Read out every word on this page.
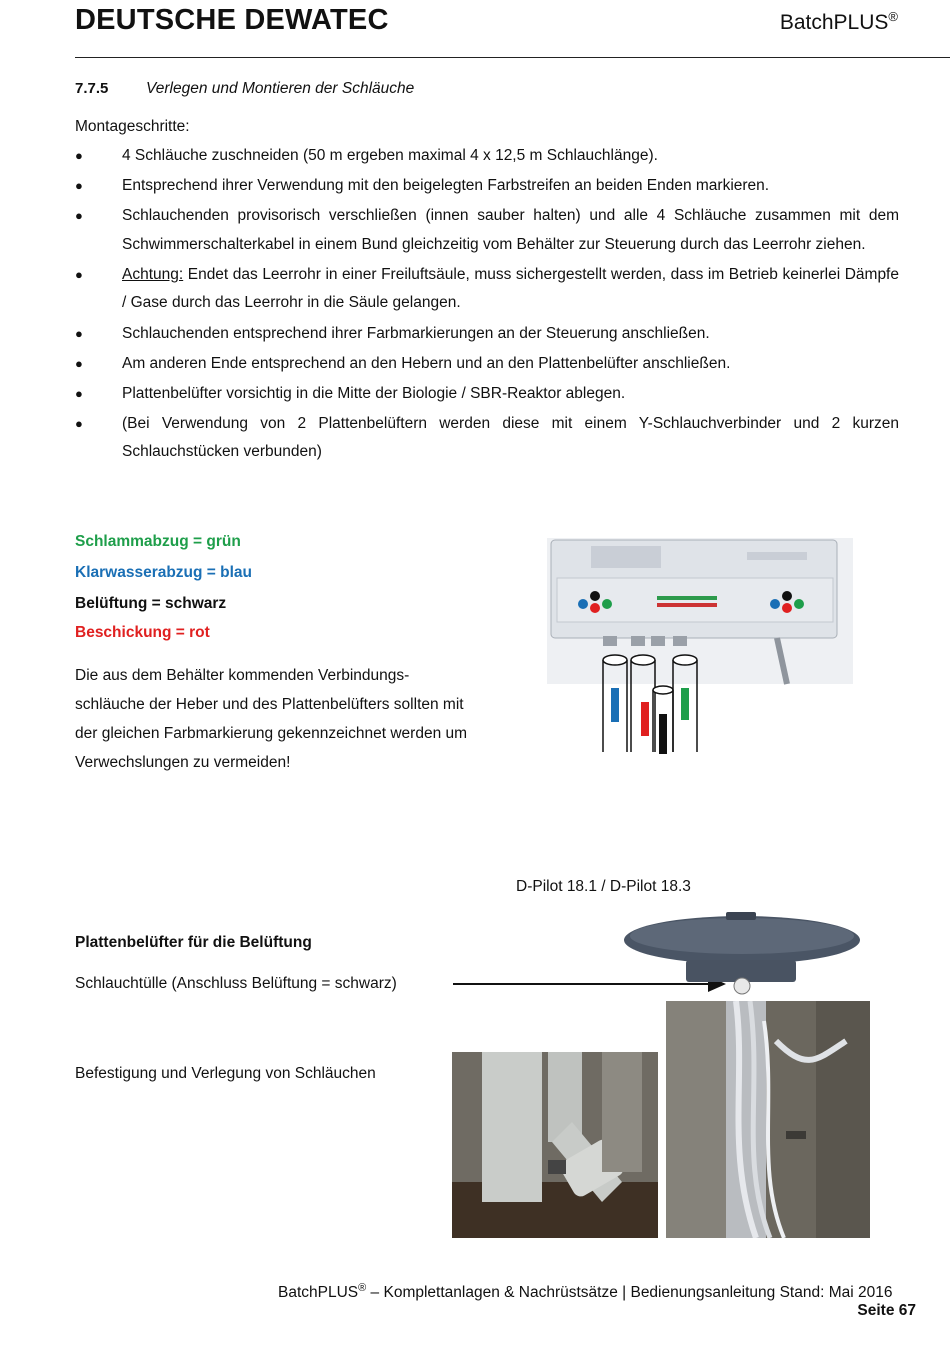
DEUTSCHE DEWATEC	BatchPLUS®
7.7.5 Verlegen und Montieren der Schläuche
Montageschritte:
●	4 Schläuche zuschneiden (50 m ergeben maximal 4 x 12,5 m Schlauchlänge).
●	Entsprechend ihrer Verwendung mit den beigelegten Farbstreifen an beiden Enden markieren.
●	Schlauchenden provisorisch verschließen (innen sauber halten) und alle 4 Schläuche zusammen mit dem Schwimmerschalterkabel in einem Bund gleichzeitig vom Behälter zur Steuerung durch das Leerrohr ziehen.
●	Achtung: Endet das Leerrohr in einer Freiluftsäule, muss sichergestellt werden, dass im Betrieb keinerlei Dämpfe / Gase durch das Leerrohr in die Säule gelangen.
●	Schlauchenden entsprechend ihrer Farbmarkierungen an der Steuerung anschließen.
●	Am anderen Ende entsprechend an den Hebern und an den Plattenbelüfter anschließen.
●	Plattenbelüfter vorsichtig in die Mitte der Biologie / SBR-Reaktor ablegen.
●	(Bei Verwendung von 2 Plattenbelüftern werden diese mit einem Y-Schlauchverbinder und 2 kurzen Schlauchstücken verbunden)
Schlammabzug = grün
Klarwasserabzug = blau
Belüftung = schwarz
Beschickung = rot
Die aus dem Behälter kommenden Verbindungs-schläuche der Heber und des Plattenbelüfters sollten mit der gleichen Farbmarkierung gekennzeichnet werden um Verwechslungen zu vermeiden!
D-Pilot 18.1 / D-Pilot 18.3
Plattenbelüfter für die Belüftung
Schlauchtülle (Anschluss Belüftung = schwarz)
Befestigung und Verlegung von Schläuchen
BatchPLUS® – Komplettanlagen & Nachrüstsätze | Bedienungsanleitung Stand: Mai 2016
Seite 67
